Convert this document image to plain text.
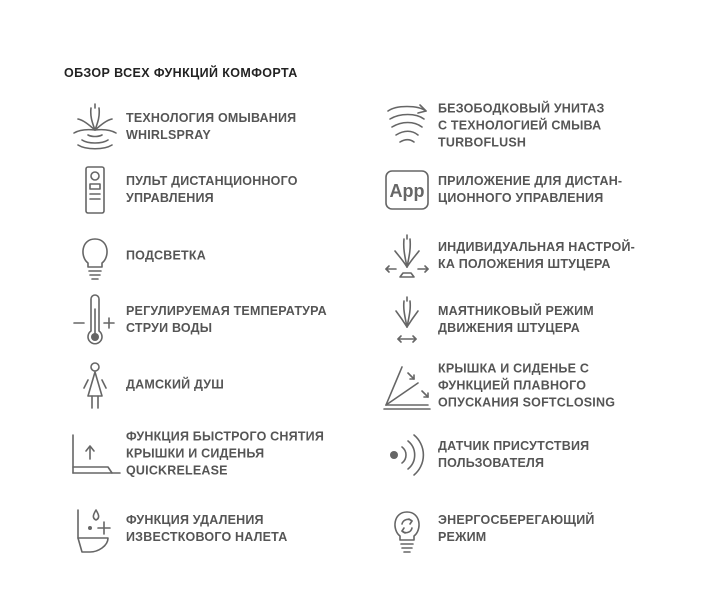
ОБЗОР ВСЕХ ФУНКЦИЙ КОМФОРТА
ТЕХНОЛОГИЯ ОМЫВАНИЯ
WHIRLSPRAY
ПУЛЬТ ДИСТАНЦИОННОГО
УПРАВЛЕНИЯ
ПОДСВЕТКА
РЕГУЛИРУЕМАЯ ТЕМПЕРАТУРА
СТРУИ ВОДЫ
ДАМСКИЙ ДУШ
ФУНКЦИЯ БЫСТРОГО СНЯТИЯ
КРЫШКИ И СИДЕНЬЯ
QUICKRELEASE
ФУНКЦИЯ УДАЛЕНИЯ
ИЗВЕСТКОВОГО НАЛЕТА
БЕЗОБОДКОВЫЙ УНИТАЗ
С ТЕХНОЛОГИЕЙ СМЫВА
TURBOFLUSH
App ПРИЛОЖЕНИЕ ДЛЯ ДИСТАН-
ЦИОННОГО УПРАВЛЕНИЯ
ИНДИВИДУАЛЬНАЯ НАСТРОЙ-
КА ПОЛОЖЕНИЯ ШТУЦЕРА
МАЯТНИКОВЫЙ РЕЖИМ
ДВИЖЕНИЯ ШТУЦЕРА
КРЫШКА И СИДЕНЬЕ С
ФУНКЦИЕЙ ПЛАВНОГО
ОПУСКАНИЯ SOFTCLOSING
ДАТЧИК ПРИСУТСТВИЯ
ПОЛЬЗОВАТЕЛЯ
ЭНЕРГОСБЕРЕГАЮЩИЙ
РЕЖИМ
